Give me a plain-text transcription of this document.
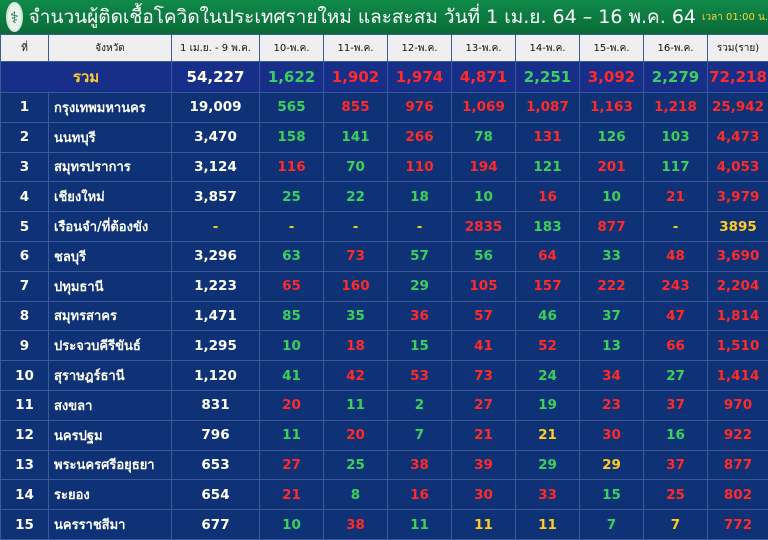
⚕ จำนวนผู้ติดเชื้อโควิดในประเทศรายใหม่ และสะสม วันที่ 1 เม.ย. 64 – 16 พ.ค. 64 เวลา 01:00 น.
ที่	จังหวัด	1 เม.ย. - 9 พ.ค.	10-พ.ค.	11-พ.ค.	12-พ.ค.	13-พ.ค.	14-พ.ค.	15-พ.ค.	16-พ.ค.	รวม(ราย)
รวม		54,227	1,622	1,902	1,974	4,871	2,251	3,092	2,279	72,218
1	กรุงเทพมหานคร	19,009	565	855	976	1,069	1,087	1,163	1,218	25,942
2	นนทบุรี	3,470	158	141	266	78	131	126	103	4,473
3	สมุทรปราการ	3,124	116	70	110	194	121	201	117	4,053
4	เชียงใหม่	3,857	25	22	18	10	16	10	21	3,979
5	เรือนจำ/ที่ต้องขัง	-	-	-	-	2835	183	877	-	3895
6	ชลบุรี	3,296	63	73	57	56	64	33	48	3,690
7	ปทุมธานี	1,223	65	160	29	105	157	222	243	2,204
8	สมุทรสาคร	1,471	85	35	36	57	46	37	47	1,814
9	ประจวบคีรีขันธ์	1,295	10	18	15	41	52	13	66	1,510
10	สุราษฎร์ธานี	1,120	41	42	53	73	24	34	27	1,414
11	สงขลา	831	20	11	2	27	19	23	37	970
12	นครปฐม	796	11	20	7	21	21	30	16	922
13	พระนครศรีอยุธยา	653	27	25	38	39	29	29	37	877
14	ระยอง	654	21	8	16	30	33	15	25	802
15	นครราชสีมา	677	10	38	11	11	11	7	7	772
